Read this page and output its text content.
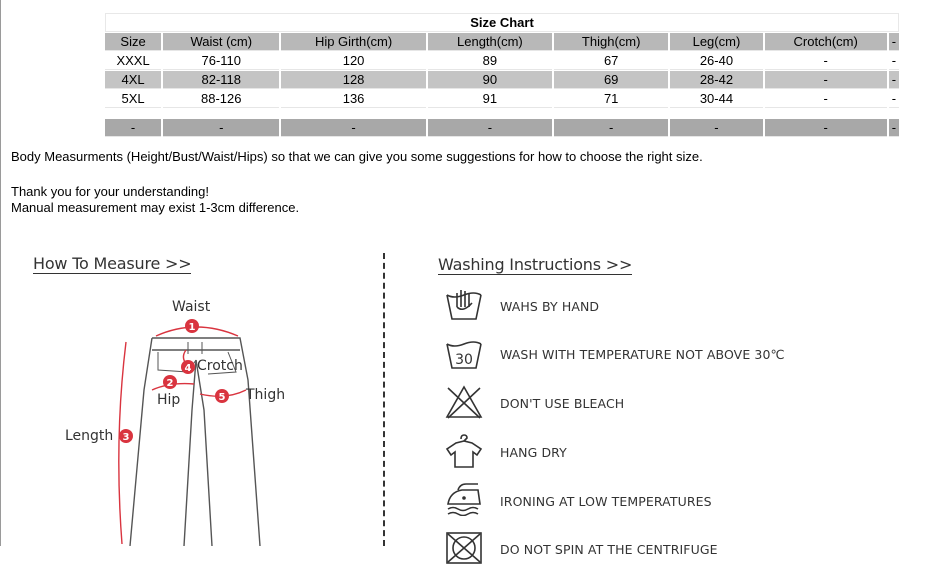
Size Chart							
Size	Waist (cm)	Hip Girth(cm)	Length(cm)	Thigh(cm)	Leg(cm)	Crotch(cm)	-
XXXL	76-110	120	89	67	26-40	-	-
4XL	82-118	128	90	69	28-42	-	-
5XL	88-126	136	91	71	30-44	-	-

-	-	-	-	-	-	-	-
Body Measurments (Height/Bust/Waist/Hips) so that we can give you some suggestions for how to choose the right size.
Thank you for your understanding!
Manual measurement may exist 1-3cm difference.
How To Measure >>
1
2
3
4
5
Waist
Crotch
Hip	Thigh
Length
Washing Instructions >>
WAHS BY HAND
30 WASH WITH TEMPERATURE NOT ABOVE 30℃
DON'T USE BLEACH
HANG DRY
IRONING AT LOW TEMPERATURES
DO NOT SPIN AT THE CENTRIFUGE
